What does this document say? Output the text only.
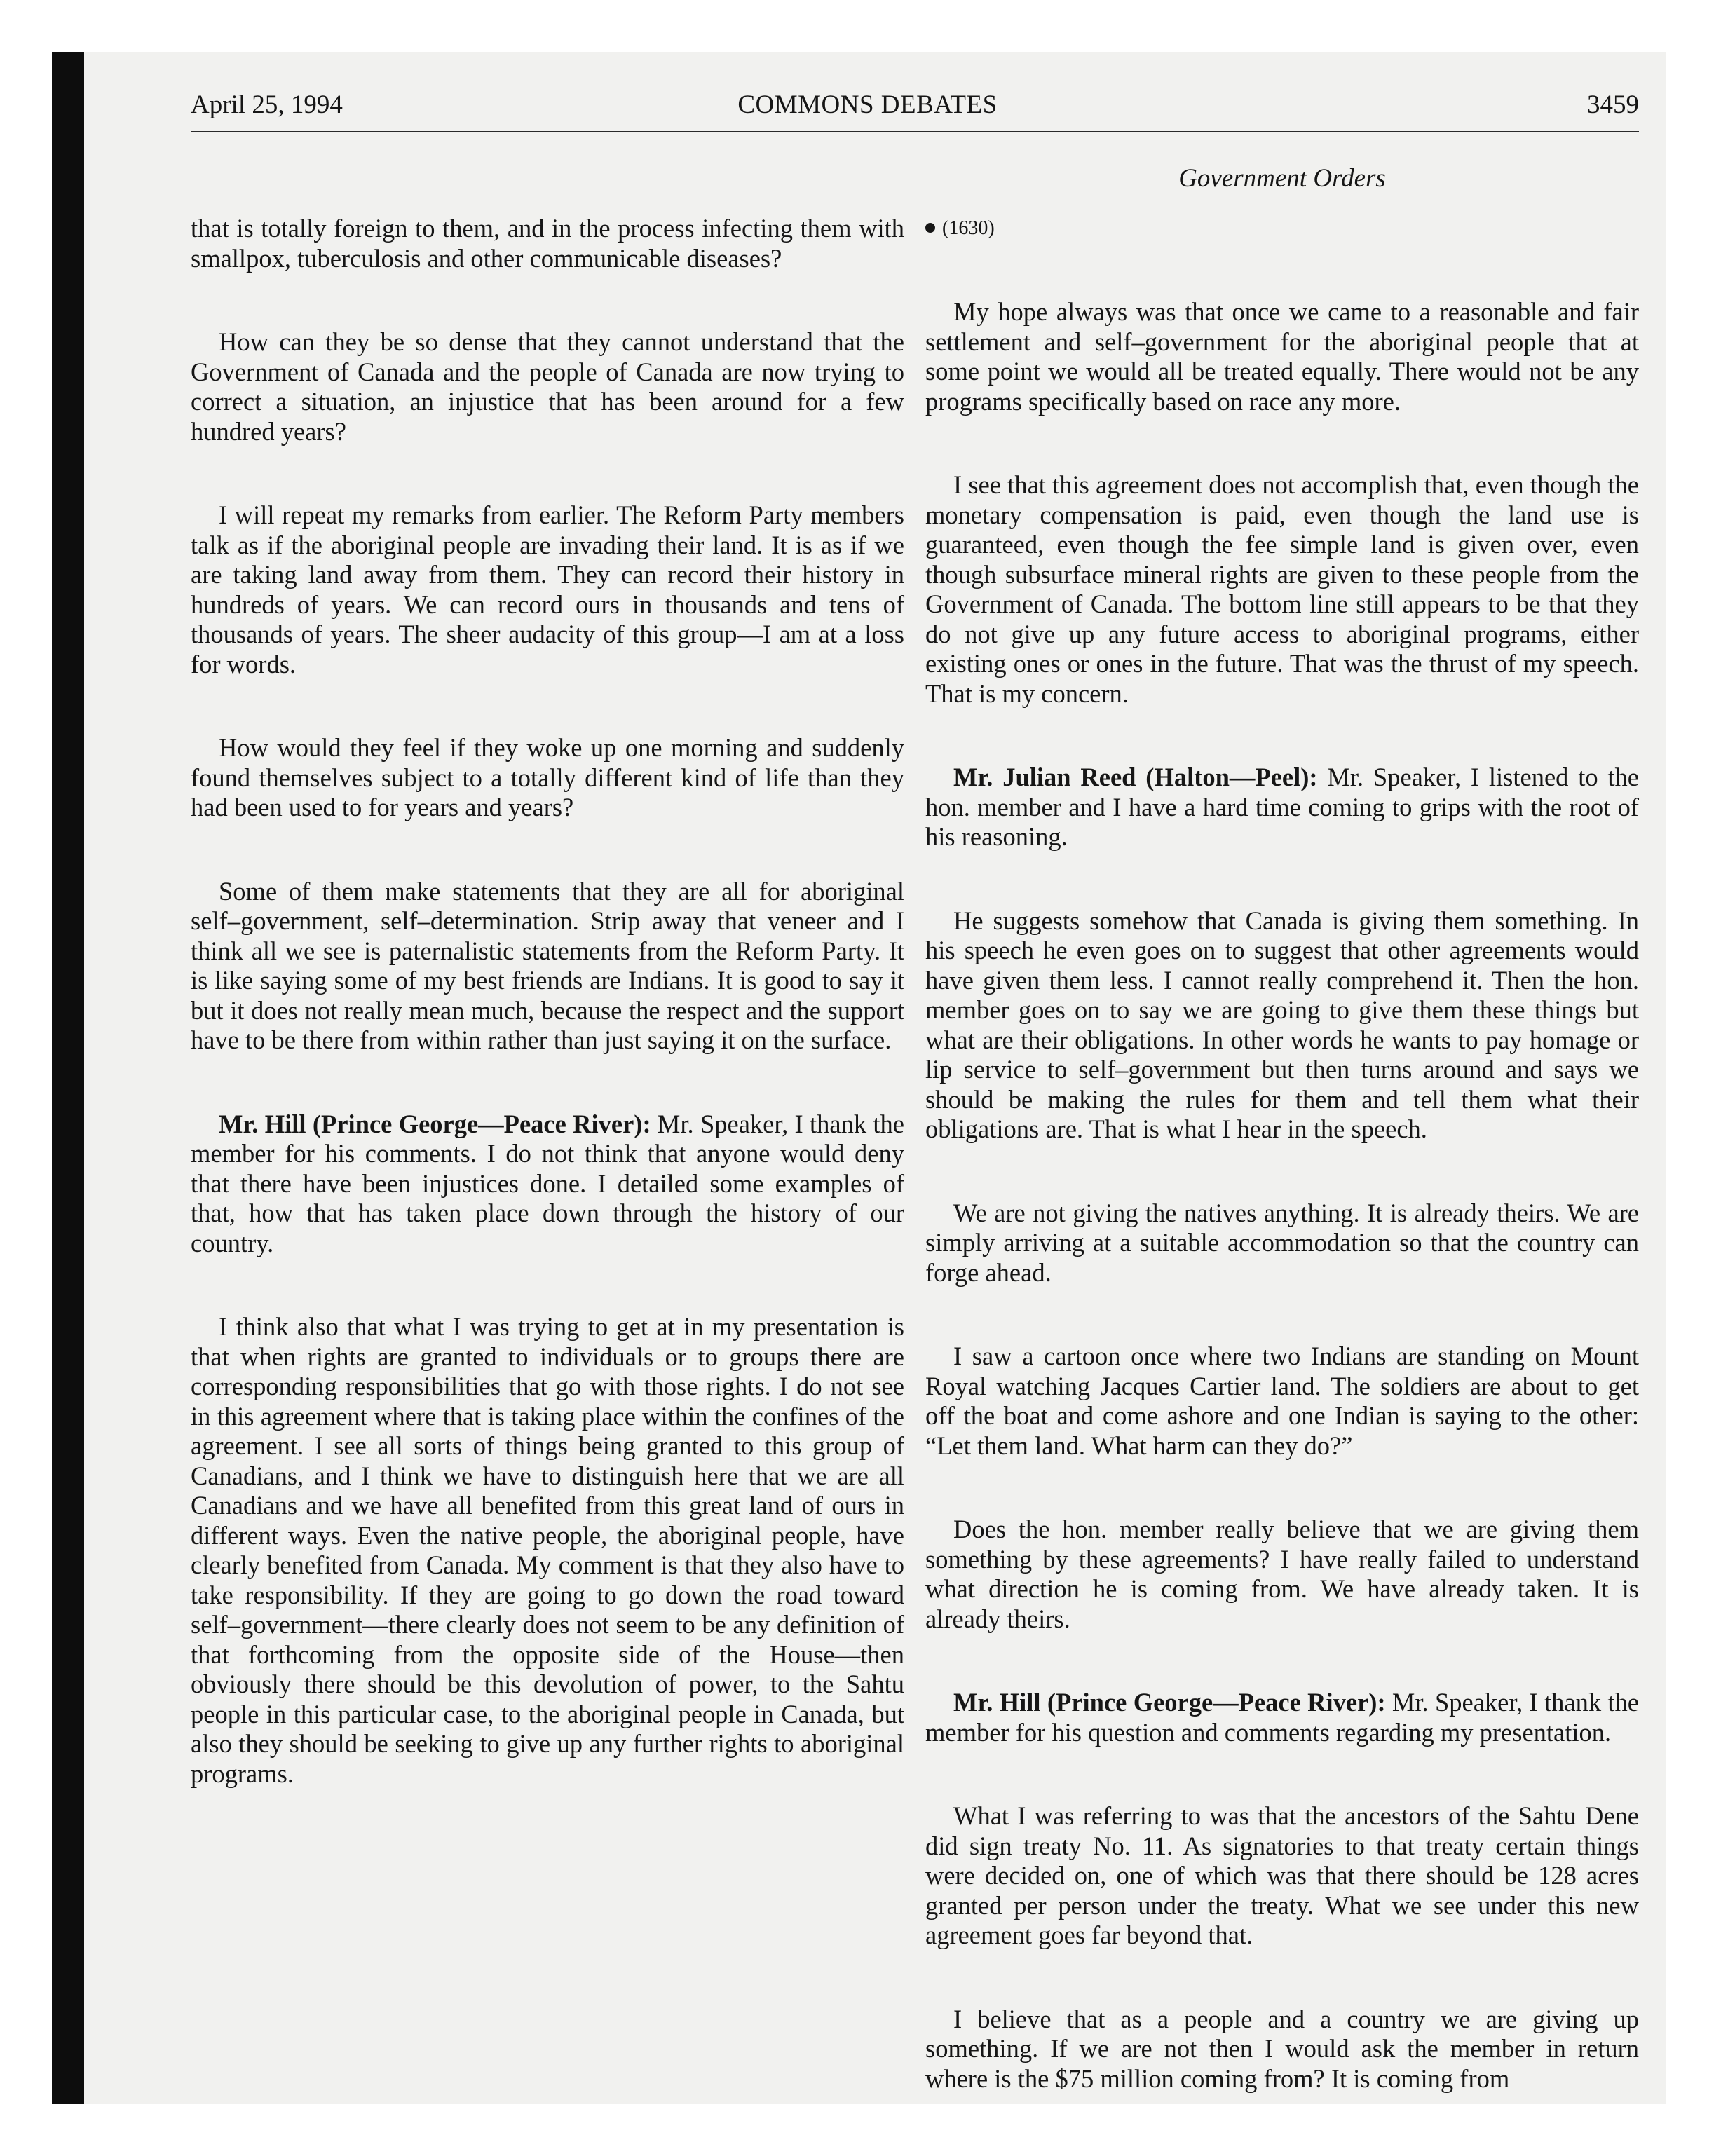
April 25, 1994	COMMONS DEBATES	3459
Government Orders

that is totally foreign to them, and in the process infecting them with smallpox, tuberculosis and other communicable diseases?

How can they be so dense that they cannot understand that the Government of Canada and the people of Canada are now trying to correct a situation, an injustice that has been around for a few hundred years?

I will repeat my remarks from earlier. The Reform Party members talk as if the aboriginal people are invading their land. It is as if we are taking land away from them. They can record their history in hundreds of years. We can record ours in thousands and tens of thousands of years. The sheer audacity of this group—I am at a loss for words.

How would they feel if they woke up one morning and suddenly found themselves subject to a totally different kind of life than they had been used to for years and years?

Some of them make statements that they are all for aboriginal self–government, self–determination. Strip away that veneer and I think all we see is paternalistic statements from the Reform Party. It is like saying some of my best friends are Indians. It is good to say it but it does not really mean much, because the respect and the support have to be there from within rather than just saying it on the surface.

Mr. Hill (Prince George—Peace River): Mr. Speaker, I thank the member for his comments. I do not think that anyone would deny that there have been injustices done. I detailed some examples of that, how that has taken place down through the history of our country.

I think also that what I was trying to get at in my presentation is that when rights are granted to individuals or to groups there are corresponding responsibilities that go with those rights. I do not see in this agreement where that is taking place within the confines of the agreement. I see all sorts of things being granted to this group of Canadians, and I think we have to distinguish here that we are all Canadians and we have all benefited from this great land of ours in different ways. Even the native people, the aboriginal people, have clearly benefited from Canada. My comment is that they also have to take responsibility. If they are going to go down the road toward self–government—there clearly does not seem to be any definition of that forthcoming from the opposite side of the House—then obviously there should be this devolution of power, to the Sahtu people in this particular case, to the aboriginal people in Canada, but also they should be seeking to give up any further rights to aboriginal programs.

(1630)

My hope always was that once we came to a reasonable and fair settlement and self–government for the aboriginal people that at some point we would all be treated equally. There would not be any programs specifically based on race any more.

I see that this agreement does not accomplish that, even though the monetary compensation is paid, even though the land use is guaranteed, even though the fee simple land is given over, even though subsurface mineral rights are given to these people from the Government of Canada. The bottom line still appears to be that they do not give up any future access to aboriginal programs, either existing ones or ones in the future. That was the thrust of my speech. That is my concern.

Mr. Julian Reed (Halton—Peel): Mr. Speaker, I listened to the hon. member and I have a hard time coming to grips with the root of his reasoning.

He suggests somehow that Canada is giving them something. In his speech he even goes on to suggest that other agreements would have given them less. I cannot really comprehend it. Then the hon. member goes on to say we are going to give them these things but what are their obligations. In other words he wants to pay homage or lip service to self–government but then turns around and says we should be making the rules for them and tell them what their obligations are. That is what I hear in the speech.

We are not giving the natives anything. It is already theirs. We are simply arriving at a suitable accommodation so that the country can forge ahead.

I saw a cartoon once where two Indians are standing on Mount Royal watching Jacques Cartier land. The soldiers are about to get off the boat and come ashore and one Indian is saying to the other: “Let them land. What harm can they do?”

Does the hon. member really believe that we are giving them something by these agreements? I have really failed to understand what direction he is coming from. We have already taken. It is already theirs.

Mr. Hill (Prince George—Peace River): Mr. Speaker, I thank the member for his question and comments regarding my presentation.

What I was referring to was that the ancestors of the Sahtu Dene did sign treaty No. 11. As signatories to that treaty certain things were decided on, one of which was that there should be 128 acres granted per person under the treaty. What we see under this new agreement goes far beyond that.

I believe that as a people and a country we are giving up something. If we are not then I would ask the member in return where is the $75 million coming from? It is coming from
